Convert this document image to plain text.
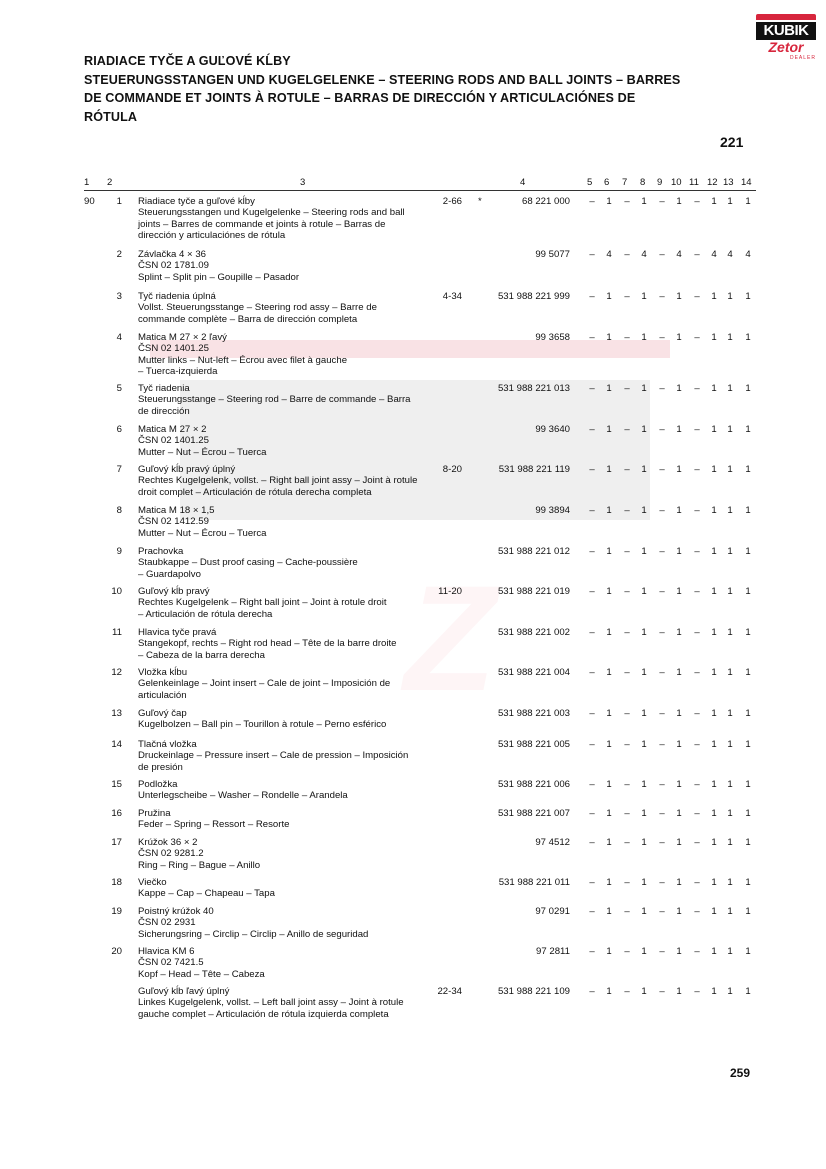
RIADIACE TYČE A GUĽOVÉ KĹBY
STEUERUNGSSTANGEN UND KUGELGELENKE – STEERING RODS AND BALL JOINTS – BARRES
DE COMMANDE ET JOINTS À ROTULE – BARRAS DE DIRECCIÓN Y ARTICULACIÓNES DE
RÓTULA
KUBIK
Zetor
DEALER
1 2	3	4	5 6 7 8 9 10 11 12 13 14
90	1 Riadiace tyče a guľové kĺby
Steuerungsstangen und Kugelgelenke – Steering rods and ball
joints – Barres de commande et joints à rotule – Barras de
dirección y articulaciónes de rótula
2-66 *	68 221 000	–	1	–	1	–	1	–	1	1	1
2 Závlačka 4 × 36
ČSN 02 1781.09
Splint – Split pin – Goupille – Pasador
99 5077	–	4	–	4	–	4	–	4	4	4
3 Tyč riadenia úplná
Vollst. Steuerungsstange – Steering rod assy – Barre de
commande complète – Barra de dirección completa
4-34	531 988 221 999	–	1	–	1	–	1	–	1	1	1
4 Matica M 27 × 2 ľavý
ČSN 02 1401.25
Mutter links – Nut-left – Écrou avec filet à gauche
– Tuerca-izquierda
99 3658	–	1	–	1	–	1	–	1	1	1
5 Tyč riadenia
Steuerungsstange – Steering rod – Barre de commande – Barra
de dirección
531 988 221 013	–	1	–	1	–	1	–	1	1	1
6 Matica M 27 × 2
ČSN 02 1401.25
Mutter – Nut – Écrou – Tuerca
99 3640	–	1	–	1	–	1	–	1	1	1
7 Guľový kĺb pravý úplný
Rechtes Kugelgelenk, vollst. – Right ball joint assy – Joint à rotule
droit complet – Articulación de rótula derecha completa
8-20	531 988 221 119	–	1	–	1	–	1	–	1	1	1
8 Matica M 18 × 1,5
ČSN 02 1412.59
Mutter – Nut – Écrou – Tuerca
99 3894	–	1	–	1	–	1	–	1	1	1
9 Prachovka
Staubkappe – Dust proof casing – Cache-poussière
– Guardapolvo
531 988 221 012	–	1	–	1	–	1	–	1	1	1
10 Guľový kĺb pravý
Rechtes Kugelgelenk – Right ball joint – Joint à rotule droit
– Articulación de rótula derecha
11-20	531 988 221 019	–	1	–	1	–	1	–	1	1	1
11 Hlavica tyče pravá
Stangekopf, rechts – Right rod head – Tête de la barre droite
– Cabeza de la barra derecha
531 988 221 002	–	1	–	1	–	1	–	1	1	1
12 Vložka kĺbu
Gelenkeinlage – Joint insert – Cale de joint – Imposición de
articulación
531 988 221 004	–	1	–	1	–	1	–	1	1	1
13 Guľový čap
Kugelbolzen – Ball pin – Tourillon à rotule – Perno esférico
531 988 221 003	–	1	–	1	–	1	–	1	1	1
14 Tlačná vložka
Druckeinlage – Pressure insert – Cale de pression – Imposición
de presión
531 988 221 005	–	1	–	1	–	1	–	1	1	1
15 Podložka
Unterlegscheibe – Washer – Rondelle – Arandela
531 988 221 006	–	1	–	1	–	1	–	1	1	1
16 Pružina
Feder – Spring – Ressort – Resorte
531 988 221 007	–	1	–	1	–	1	–	1	1	1
17 Krúžok 36 × 2
ČSN 02 9281.2
Ring – Ring – Bague – Anillo
97 4512	–	1	–	1	–	1	–	1	1	1
18 Viečko
Kappe – Cap – Chapeau – Tapa
531 988 221 011	–	1	–	1	–	1	–	1	1	1
19 Poistný krúžok 40
ČSN 02 2931
Sicherungsring – Circlip – Circlip – Anillo de seguridad
97 0291	–	1	–	1	–	1	–	1	1	1
20 Hlavica KM 6
ČSN 02 7421.5
Kopf – Head – Tête – Cabeza
97 2811	–	1	–	1	–	1	–	1	1	1
Guľový kĺb ľavý úplný
Linkes Kugelgelenk, vollst. – Left ball joint assy – Joint à rotule
gauche complet – Articulación de rótula izquierda completa
22-34	531 988 221 109	–	1	–	1	–	1	–	1	1	1
221
259
